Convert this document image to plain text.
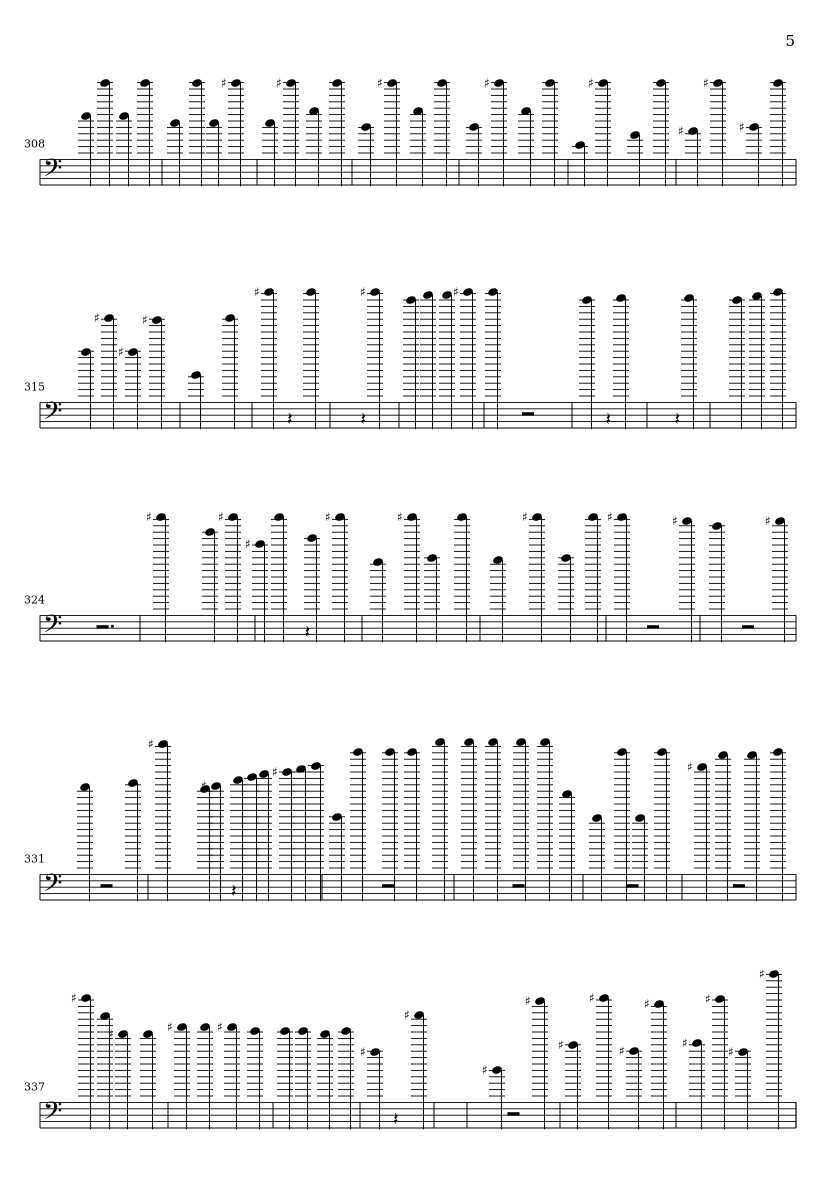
5
𝄢
308
♯	♯	♯	♯	♯
♯
♯
♯
𝄢
315
♯
♯
♯
♯	♯	♯
𝄽	𝄽	𝄽	𝄽
𝄢
324
♯	♯
♯
♯	♯	♯	♯	♯	♯
𝄽
𝄢
331
♯
♯
♯	♯
𝄽
𝄢
337
♯
♯	♯	♯
♯
♯
♯
♯
♯
♯
♯
♯
♯
♯
♯
♯
𝄽
